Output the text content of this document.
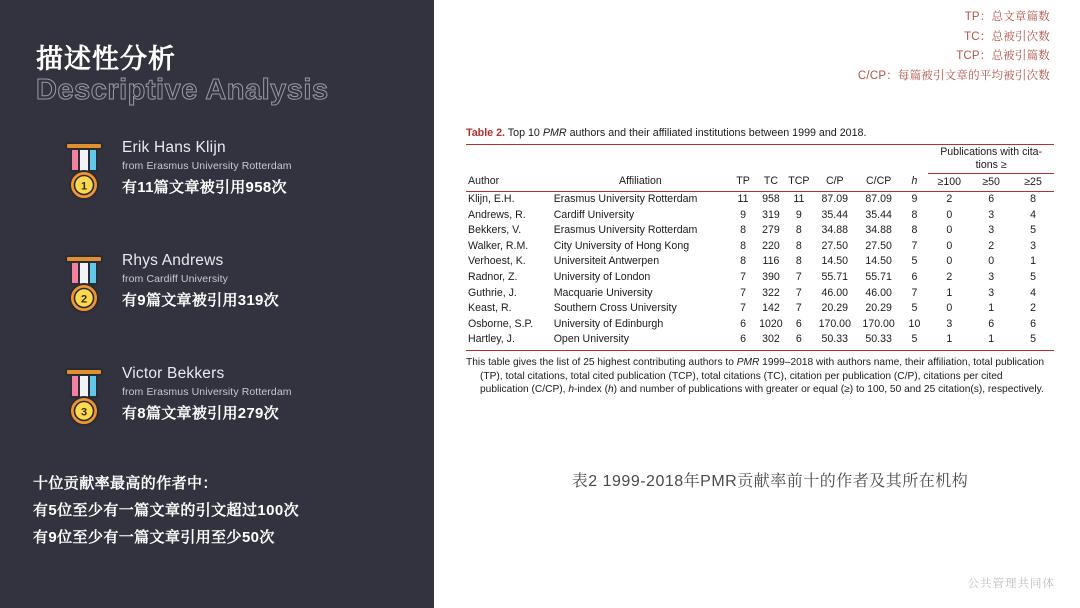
描述性分析
Descriptive Analysis
1
Erik Hans Klijn
from Erasmus University Rotterdam
有11篇文章被引用958次
2
Rhys Andrews
from Cardiff University
有9篇文章被引用319次
3
Victor Bekkers
from Erasmus University Rotterdam
有8篇文章被引用279次
十位贡献率最高的作者中：
有5位至少有一篇文章的引文超过100次
有9位至少有一篇文章引用至少50次
TP：总文章篇数
TC：总被引次数
TCP：总被引篇数
C/CP：每篇被引文章的平均被引次数
Table 2. Top 10 PMR authors and their affiliated institutions between 1999 and 2018.
								Publications with cita-
tions ≥		
Author	Affiliation	TP	TC	TCP	C/P	C/CP	h	≥100	≥50	≥25

Klijn, E.H.	Erasmus University Rotterdam	11	958	11	87.09	87.09	9	2	6	8
Andrews, R.	Cardiff University	9	319	9	35.44	35.44	8	0	3	4
Bekkers, V.	Erasmus University Rotterdam	8	279	8	34.88	34.88	8	0	3	5
Walker, R.M.	City University of Hong Kong	8	220	8	27.50	27.50	7	0	2	3
Verhoest, K.	Universiteit Antwerpen	8	116	8	14.50	14.50	5	0	0	1
Radnor, Z.	University of London	7	390	7	55.71	55.71	6	2	3	5
Guthrie, J.	Macquarie University	7	322	7	46.00	46.00	7	1	3	4
Keast, R.	Southern Cross University	7	142	7	20.29	20.29	5	0	1	2
Osborne, S.P.	University of Edinburgh	6	1020	6	170.00	170.00	10	3	6	6
Hartley, J.	Open University	6	302	6	50.33	50.33	5	1	1	5

This table gives the list of 25 highest contributing authors to PMR 1999–2018 with authors name, their affiliation, total publication (TP), total citations, total cited publication (TCP), total citations (TC), citation per publication (C/P), citations per cited publication (C/CP), h-index (h) and number of publications with greater or equal (≥) to 100, 50 and 25 citation(s), respectively.

表2 1999-2018年PMR贡献率前十的作者及其所在机构
公共管理共同体
